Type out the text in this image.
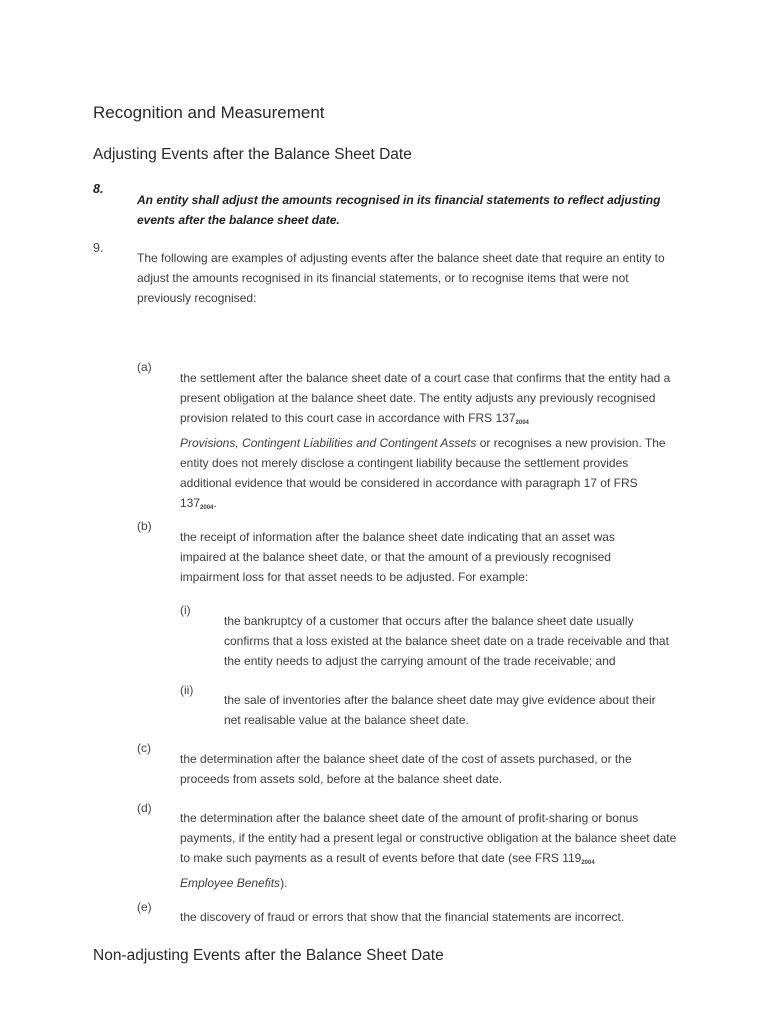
Recognition and Measurement
Adjusting Events after the Balance Sheet Date
8.
An entity shall adjust the amounts recognised in its financial statements to reflect adjusting events after the balance sheet date.
9.
The following are examples of adjusting events after the balance sheet date that require an entity to adjust the amounts recognised in its financial statements, or to recognise items that were not previously recognised:
(a)
the settlement after the balance sheet date of a court case that confirms that the entity had a present obligation at the balance sheet date. The entity adjusts any previously recognised provision related to this court case in accordance with FRS $137_{2004}$
Provisions, Contingent Liabilities and Contingent Assets or recognises a new provision. The entity does not merely disclose a contingent liability because the settlement provides additional evidence that would be considered in accordance with paragraph 17 of FRS $137_{2004}$.
(b)
the receipt of information after the balance sheet date indicating that an asset was impaired at the balance sheet date, or that the amount of a previously recognised impairment loss for that asset needs to be adjusted. For example:
(i)
the bankruptcy of a customer that occurs after the balance sheet date usually confirms that a loss existed at the balance sheet date on a trade receivable and that the entity needs to adjust the carrying amount of the trade receivable; and
(ii)
the sale of inventories after the balance sheet date may give evidence about their net realisable value at the balance sheet date.
(c)
the determination after the balance sheet date of the cost of assets purchased, or the proceeds from assets sold, before at the balance sheet date.
(d)
the determination after the balance sheet date of the amount of profit-sharing or bonus payments, if the entity had a present legal or constructive obligation at the balance sheet date to make such payments as a result of events before that date (see FRS $119_{2004}$
Employee Benefits).
(e)
the discovery of fraud or errors that show that the financial statements are incorrect.
Non-adjusting Events after the Balance Sheet Date
